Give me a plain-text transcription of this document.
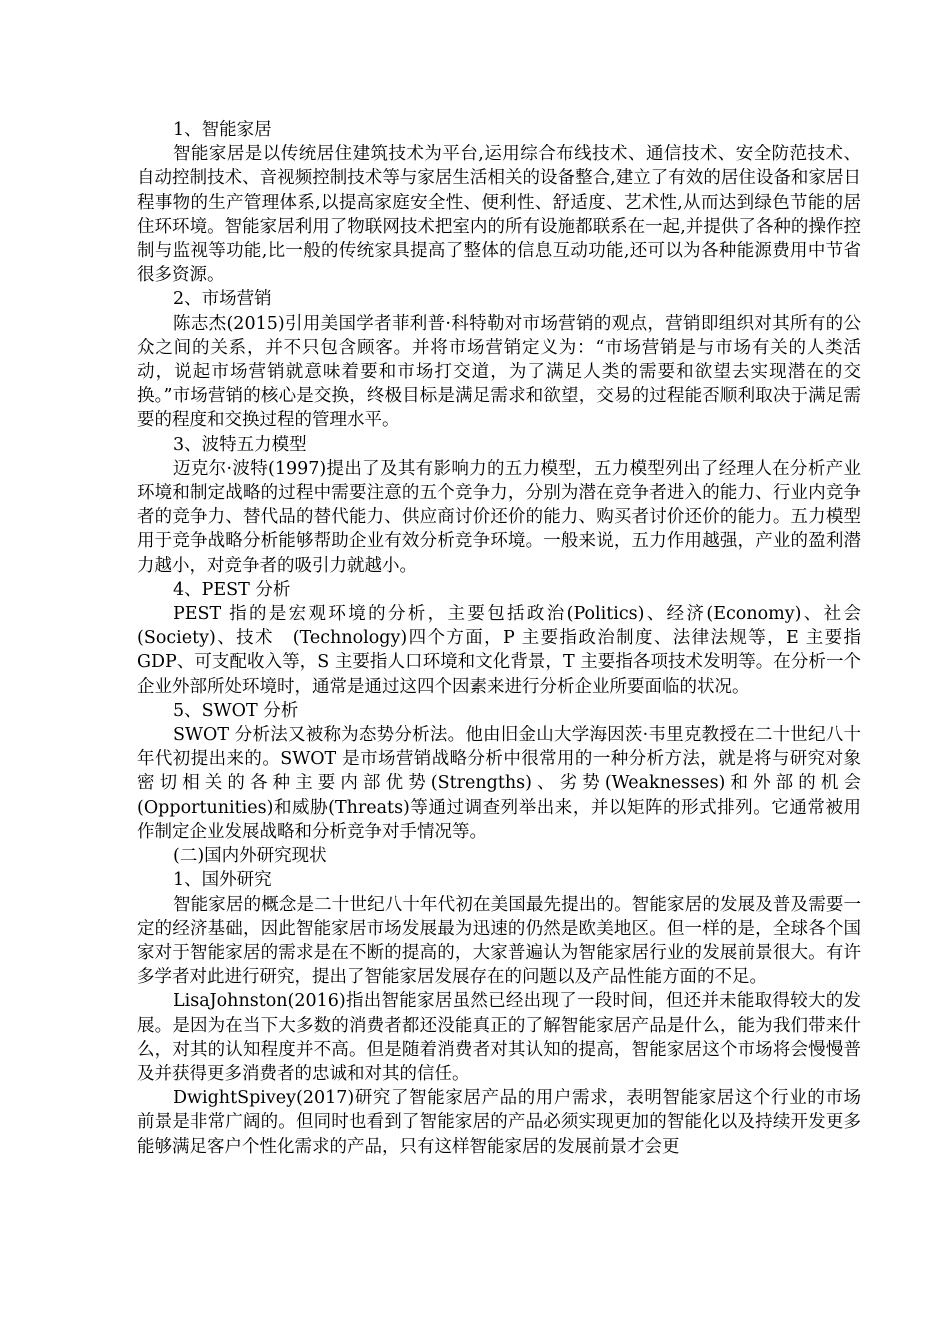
1、智能家居

智能家居是以传统居住建筑技术为平台,运用综合布线技术、通信技术、安全防范技术、自动控制技术、音视频控制技术等与家居生活相关的设备整合,建立了有效的居住设备和家居日程事物的生产管理体系,以提高家庭安全性、便利性、舒适度、艺术性,从而达到绿色节能的居住环环境。智能家居利用了物联网技术把室内的所有设施都联系在一起,并提供了各种的操作控制与监视等功能,比一般的传统家具提高了整体的信息互动功能,还可以为各种能源费用中节省很多资源。

2、市场营销

陈志杰(2015)引用美国学者菲利普·科特勒对市场营销的观点，营销即组织对其所有的公众之间的关系，并不只包含顾客。并将市场营销定义为：“市场营销是与市场有关的人类活动，说起市场营销就意味着要和市场打交道，为了满足人类的需要和欲望去实现潜在的交换。”市场营销的核心是交换，终极目标是满足需求和欲望，交易的过程能否顺利取决于满足需要的程度和交换过程的管理水平。

3、波特五力模型

迈克尔·波特(1997)提出了及其有影响力的五力模型，五力模型列出了经理人在分析产业环境和制定战略的过程中需要注意的五个竞争力，分别为潜在竞争者进入的能力、行业内竞争者的竞争力、替代品的替代能力、供应商讨价还价的能力、购买者讨价还价的能力。五力模型用于竞争战略分析能够帮助企业有效分析竞争环境。一般来说，五力作用越强，产业的盈利潜力越小，对竞争者的吸引力就越小。

4、PEST 分析

PEST 指的是宏观环境的分析，主要包括政治(Politics)、经济(Economy)、社会(Society)、技术　(Technology)四个方面，P 主要指政治制度、法律法规等，E 主要指 GDP、可支配收入等，S 主要指人口环境和文化背景，T 主要指各项技术发明等。在分析一个企业外部所处环境时，通常是通过这四个因素来进行分析企业所要面临的状况。

5、SWOT 分析

SWOT 分析法又被称为态势分析法。他由旧金山大学海因茨·韦里克教授在二十世纪八十年代初提出来的。SWOT 是市场营销战略分析中很常用的一种分析方法，就是将与研究对象密切相关的各种主要内部优势(Strengths)、劣势(Weaknesses)和外部的机会(Opportunities)和威胁(Threats)等通过调查列举出来，并以矩阵的形式排列。它通常被用作制定企业发展战略和分析竞争对手情况等。

(二)国内外研究现状

1、国外研究

智能家居的概念是二十世纪八十年代初在美国最先提出的。智能家居的发展及普及需要一定的经济基础，因此智能家居市场发展最为迅速的仍然是欧美地区。但一样的是，全球各个国家对于智能家居的需求是在不断的提高的，大家普遍认为智能家居行业的发展前景很大。有许多学者对此进行研究，提出了智能家居发展存在的问题以及产品性能方面的不足。

LisaJohnston(2016)指出智能家居虽然已经出现了一段时间，但还并未能取得较大的发展。是因为在当下大多数的消费者都还没能真正的了解智能家居产品是什么，能为我们带来什么，对其的认知程度并不高。但是随着消费者对其认知的提高，智能家居这个市场将会慢慢普及并获得更多消费者的忠诚和对其的信任。

DwightSpivey(2017)研究了智能家居产品的用户需求，表明智能家居这个行业的市场前景是非常广阔的。但同时也看到了智能家居的产品必须实现更加的智能化以及持续开发更多能够满足客户个性化需求的产品，只有这样智能家居的发展前景才会更
